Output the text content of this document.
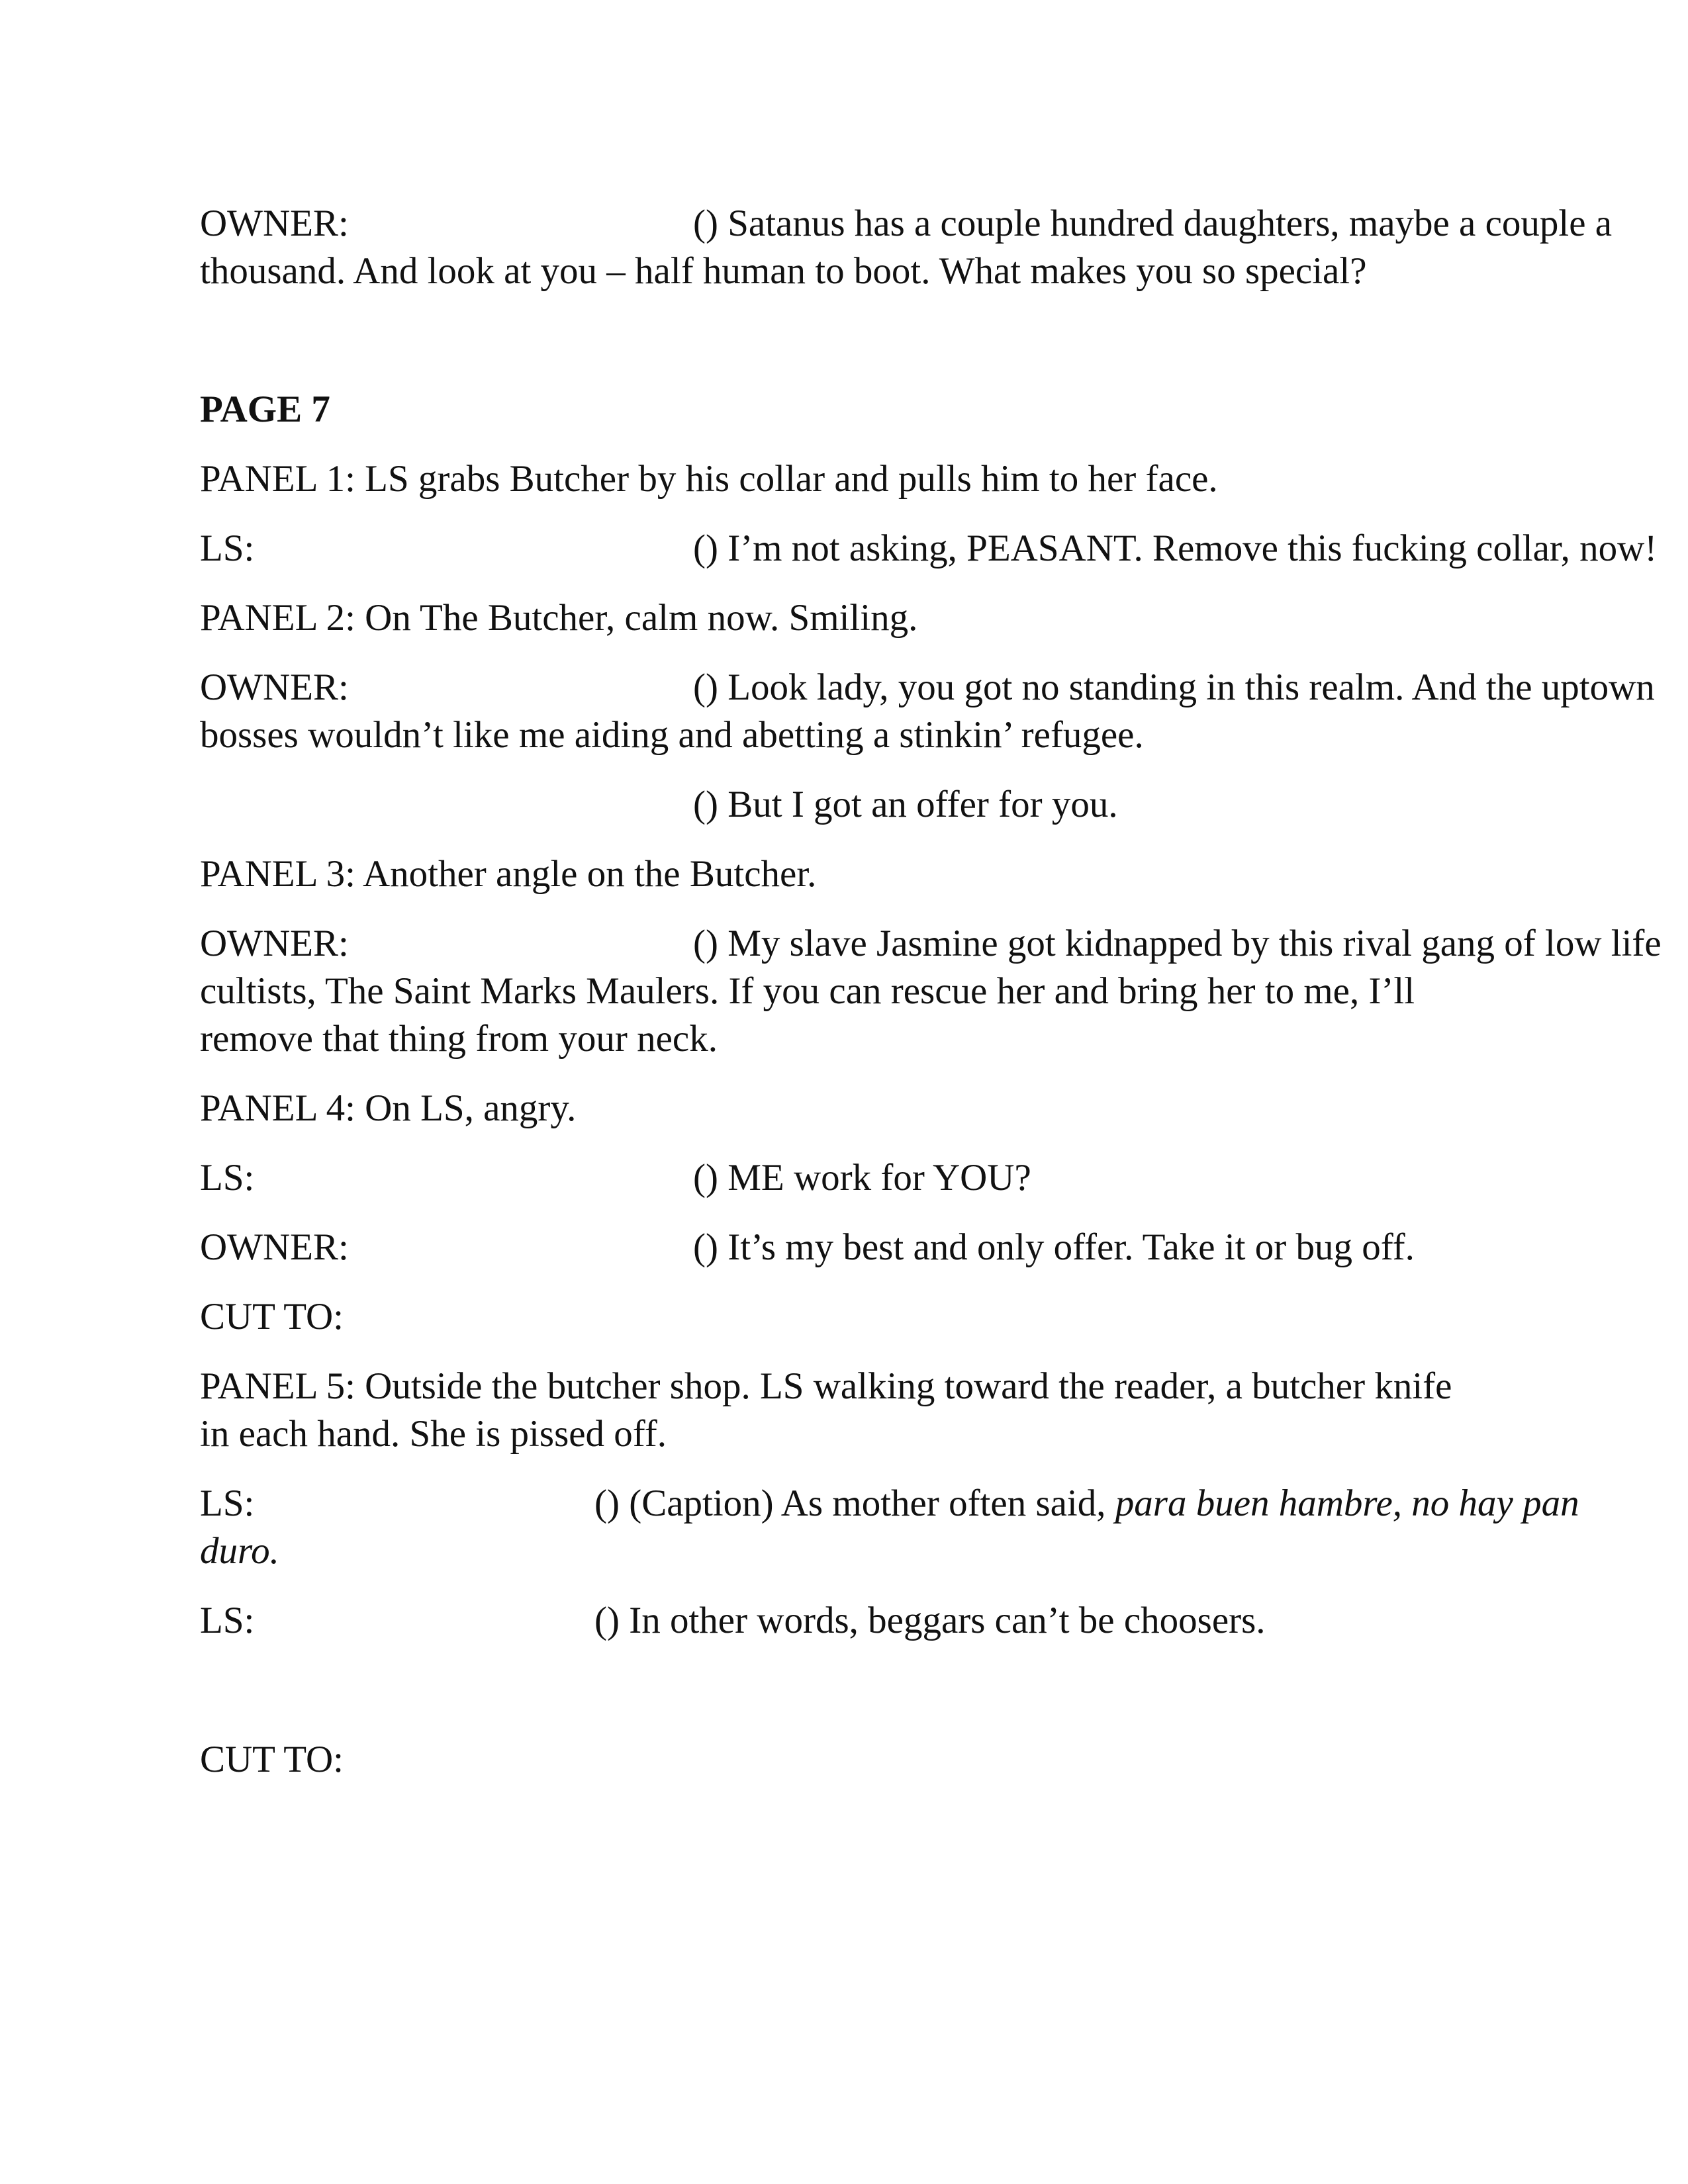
OWNER:	() Satanus has a couple hundred daughters, maybe a couple a
thousand. And look at you – half human to boot. What makes you so special?
PAGE 7
PANEL 1: LS grabs Butcher by his collar and pulls him to her face.
LS:	() I’m not asking, PEASANT. Remove this fucking collar, now!
PANEL 2: On The Butcher, calm now. Smiling.
OWNER:	() Look lady, you got no standing in this realm. And the uptown
bosses wouldn’t like me aiding and abetting a stinkin’ refugee.
() But I got an offer for you.
PANEL 3: Another angle on the Butcher.
OWNER:	() My slave Jasmine got kidnapped by this rival gang of low life
cultists, The Saint Marks Maulers. If you can rescue her and bring her to me, I’ll
remove that thing from your neck.
PANEL 4: On LS, angry.
LS:	() ME work for YOU?
OWNER:	() It’s my best and only offer. Take it or bug off.
CUT TO:
PANEL 5: Outside the butcher shop. LS walking toward the reader, a butcher knife
in each hand. She is pissed off.
LS:	() (Caption) As mother often said, para buen hambre, no hay pan
duro.
LS:	() In other words, beggars can’t be choosers.
CUT TO:
